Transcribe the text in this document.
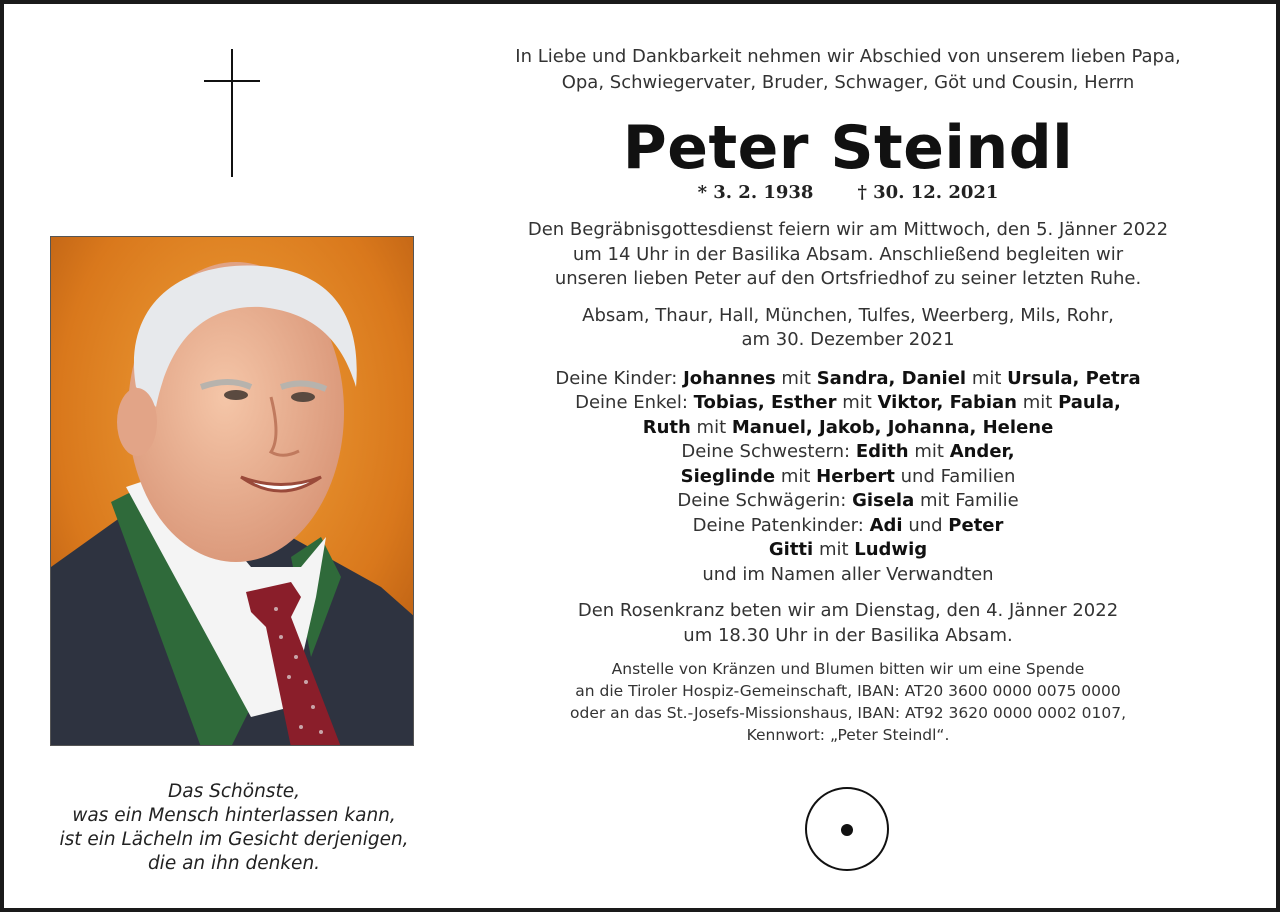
Das Schönste,
was ein Mensch hinterlassen kann,
ist ein Lächeln im Gesicht derjenigen,
die an ihn denken.
In Liebe und Dankbarkeit nehmen wir Abschied von unserem lieben Papa,
Opa, Schwiegervater, Bruder, Schwager, Göt und Cousin, Herrn
Peter Steindl
* 3. 2. 1938 † 30. 12. 2021
Den Begräbnisgottesdienst feiern wir am Mittwoch, den 5. Jänner 2022
um 14 Uhr in der Basilika Absam. Anschließend begleiten wir
unseren lieben Peter auf den Ortsfriedhof zu seiner letzten Ruhe.
Absam, Thaur, Hall, München, Tulfes, Weerberg, Mils, Rohr,
am 30. Dezember 2021
Deine Kinder: Johannes mit Sandra, Daniel mit Ursula, Petra
Deine Enkel: Tobias, Esther mit Viktor, Fabian mit Paula,
Ruth mit Manuel, Jakob, Johanna, Helene
Deine Schwestern: Edith mit Ander,
Sieglinde mit Herbert und Familien
Deine Schwägerin: Gisela mit Familie
Deine Patenkinder: Adi und Peter
Gitti mit Ludwig
und im Namen aller Verwandten
Den Rosenkranz beten wir am Dienstag, den 4. Jänner 2022
um 18.30 Uhr in der Basilika Absam.
Anstelle von Kränzen und Blumen bitten wir um eine Spende
an die Tiroler Hospiz-Gemeinschaft, IBAN: AT20 3600 0000 0075 0000
oder an das St.-Josefs-Missionshaus, IBAN: AT92 3620 0000 0002 0107,
Kennwort: „Peter Steindl“.
